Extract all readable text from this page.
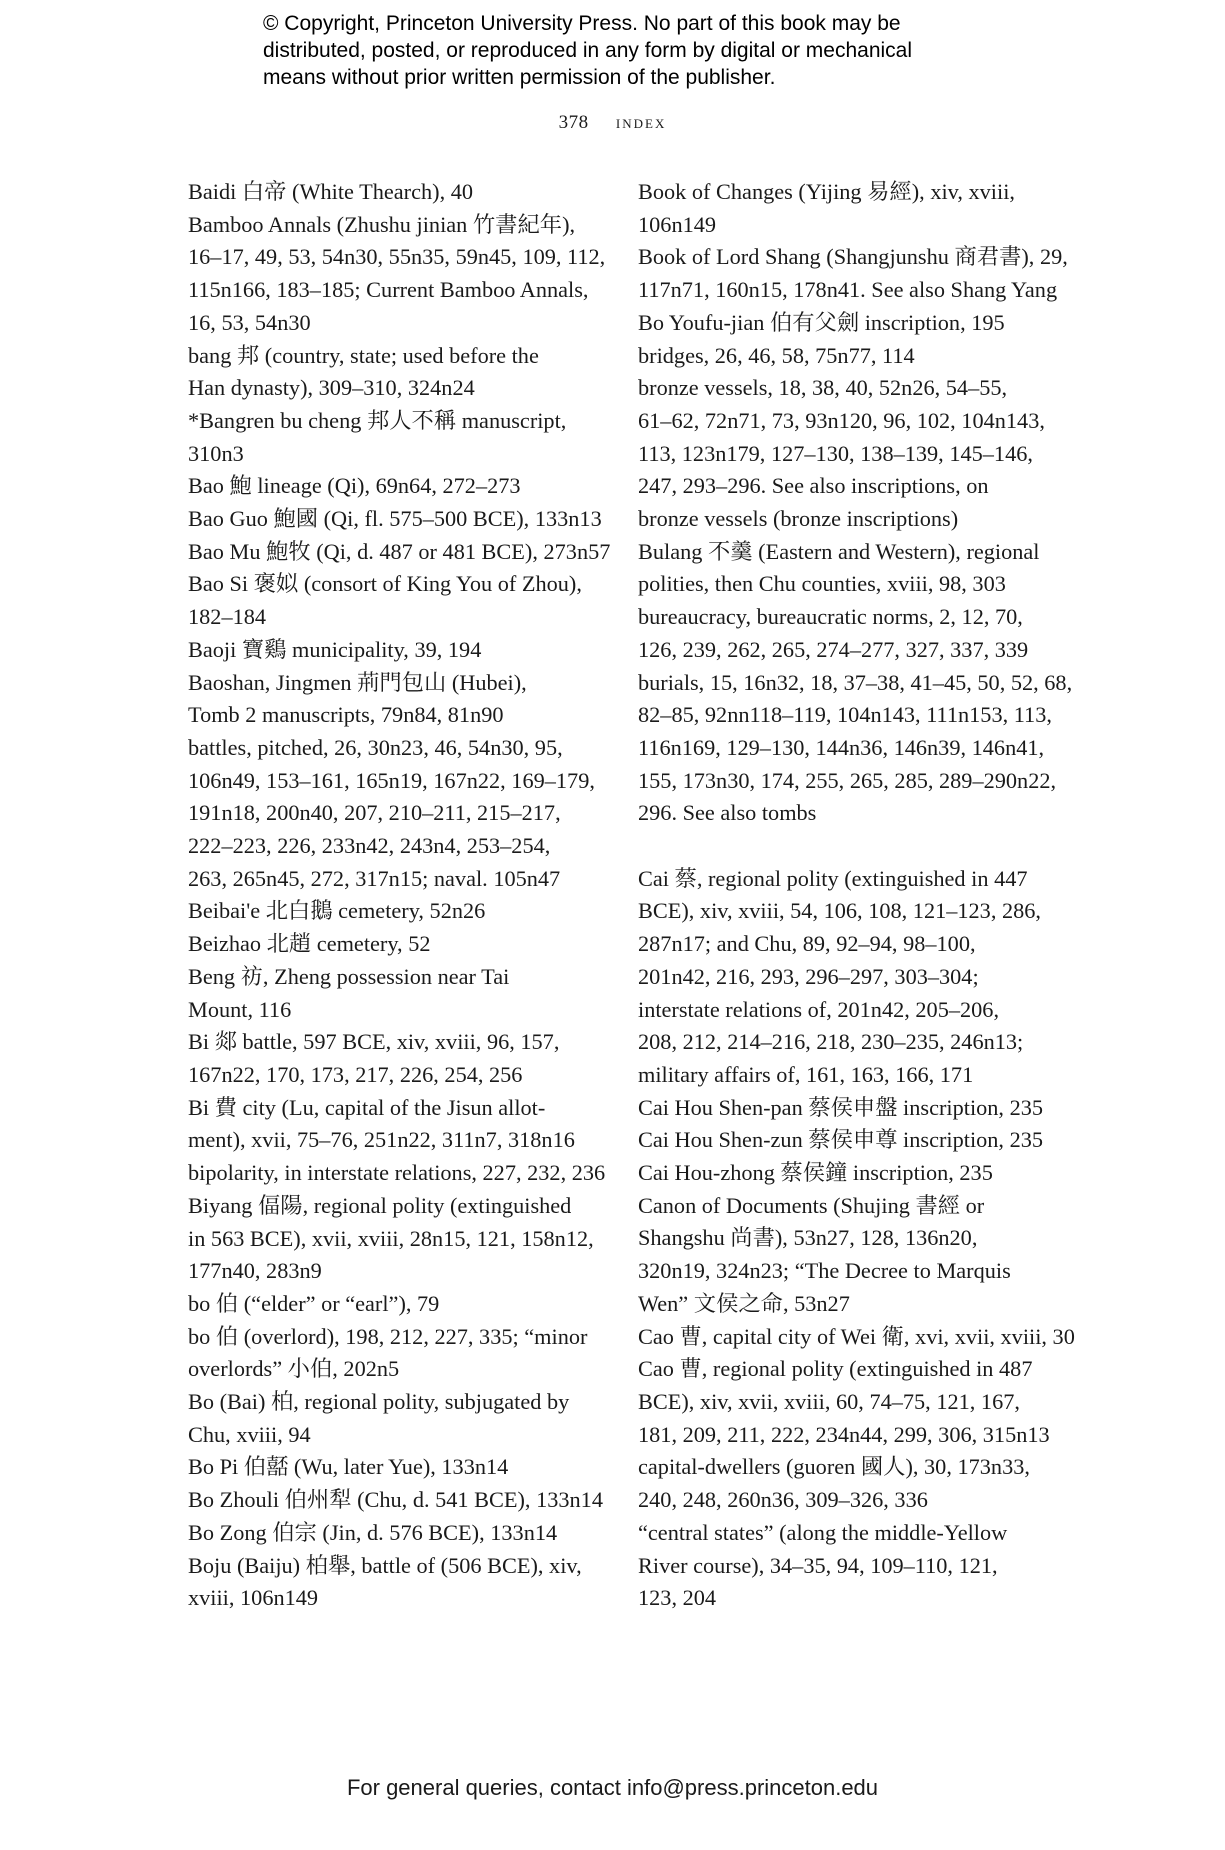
© Copyright, Princeton University Press. No part of this book may be
distributed, posted, or reproduced in any form by digital or mechanical
means without prior written permission of the publisher.
378 index
Baidi 白帝 (White Thearch), 40
Bamboo Annals (Zhushu jinian 竹書紀年),
16–17, 49, 53, 54n30, 55n35, 59n45, 109, 112,
115n166, 183–185; Current Bamboo Annals,
16, 53, 54n30
bang 邦 (country, state; used before the
Han dynasty), 309–310, 324n24
*Bangren bu cheng 邦人不稱 manuscript,
310n3
Bao 鮑 lineage (Qi), 69n64, 272–273
Bao Guo 鮑國 (Qi, fl. 575–500 BCE), 133n13
Bao Mu 鮑牧 (Qi, d. 487 or 481 BCE), 273n57
Bao Si 褒姒 (consort of King You of Zhou),
182–184
Baoji 寶鷄 municipality, 39, 194
Baoshan, Jingmen 荊門包山 (Hubei),
Tomb 2 manuscripts, 79n84, 81n90
battles, pitched, 26, 30n23, 46, 54n30, 95,
106n49, 153–161, 165n19, 167n22, 169–179,
191n18, 200n40, 207, 210–211, 215–217,
222–223, 226, 233n42, 243n4, 253–254,
263, 265n45, 272, 317n15; naval. 105n47
Beibai'e 北白鵝 cemetery, 52n26
Beizhao 北趙 cemetery, 52
Beng 祊, Zheng possession near Tai
Mount, 116
Bi 郯 battle, 597 BCE, xiv, xviii, 96, 157,
167n22, 170, 173, 217, 226, 254, 256
Bi 費 city (Lu, capital of the Jisun allot-
ment), xvii, 75–76, 251n22, 311n7, 318n16
bipolarity, in interstate relations, 227, 232, 236
Biyang 偪陽, regional polity (extinguished
in 563 BCE), xvii, xviii, 28n15, 121, 158n12,
177n40, 283n9
bo 伯 (“elder” or “earl”), 79
bo 伯 (overlord), 198, 212, 227, 335; “minor
overlords” 小伯, 202n5
Bo (Bai) 柏, regional polity, subjugated by
Chu, xviii, 94
Bo Pi 伯嚭 (Wu, later Yue), 133n14
Bo Zhouli 伯州犁 (Chu, d. 541 BCE), 133n14
Bo Zong 伯宗 (Jin, d. 576 BCE), 133n14
Boju (Baiju) 柏舉, battle of (506 BCE), xiv,
xviii, 106n149
Book of Changes (Yijing 易經), xiv, xviii,
106n149
Book of Lord Shang (Shangjunshu 商君書), 29,
117n71, 160n15, 178n41. See also Shang Yang
Bo Youfu-jian 伯有父劍 inscription, 195
bridges, 26, 46, 58, 75n77, 114
bronze vessels, 18, 38, 40, 52n26, 54–55,
61–62, 72n71, 73, 93n120, 96, 102, 104n143,
113, 123n179, 127–130, 138–139, 145–146,
247, 293–296. See also inscriptions, on
bronze vessels (bronze inscriptions)
Bulang 不羹 (Eastern and Western), regional
polities, then Chu counties, xviii, 98, 303
bureaucracy, bureaucratic norms, 2, 12, 70,
126, 239, 262, 265, 274–277, 327, 337, 339
burials, 15, 16n32, 18, 37–38, 41–45, 50, 52, 68,
82–85, 92nn118–119, 104n143, 111n153, 113,
116n169, 129–130, 144n36, 146n39, 146n41,
155, 173n30, 174, 255, 265, 285, 289–290n22,
296. See also tombs
Cai 蔡, regional polity (extinguished in 447
BCE), xiv, xviii, 54, 106, 108, 121–123, 286,
287n17; and Chu, 89, 92–94, 98–100,
201n42, 216, 293, 296–297, 303–304;
interstate relations of, 201n42, 205–206,
208, 212, 214–216, 218, 230–235, 246n13;
military affairs of, 161, 163, 166, 171
Cai Hou Shen-pan 蔡侯申盤 inscription, 235
Cai Hou Shen-zun 蔡侯申尊 inscription, 235
Cai Hou-zhong 蔡侯鐘 inscription, 235
Canon of Documents (Shujing 書經 or
Shangshu 尚書), 53n27, 128, 136n20,
320n19, 324n23; “The Decree to Marquis
Wen” 文侯之命, 53n27
Cao 曹, capital city of Wei 衛, xvi, xvii, xviii, 30
Cao 曹, regional polity (extinguished in 487
BCE), xiv, xvii, xviii, 60, 74–75, 121, 167,
181, 209, 211, 222, 234n44, 299, 306, 315n13
capital-dwellers (guoren 國人), 30, 173n33,
240, 248, 260n36, 309–326, 336
“central states” (along the middle-Yellow
River course), 34–35, 94, 109–110, 121,
123, 204
For general queries, contact info@press.princeton.edu
